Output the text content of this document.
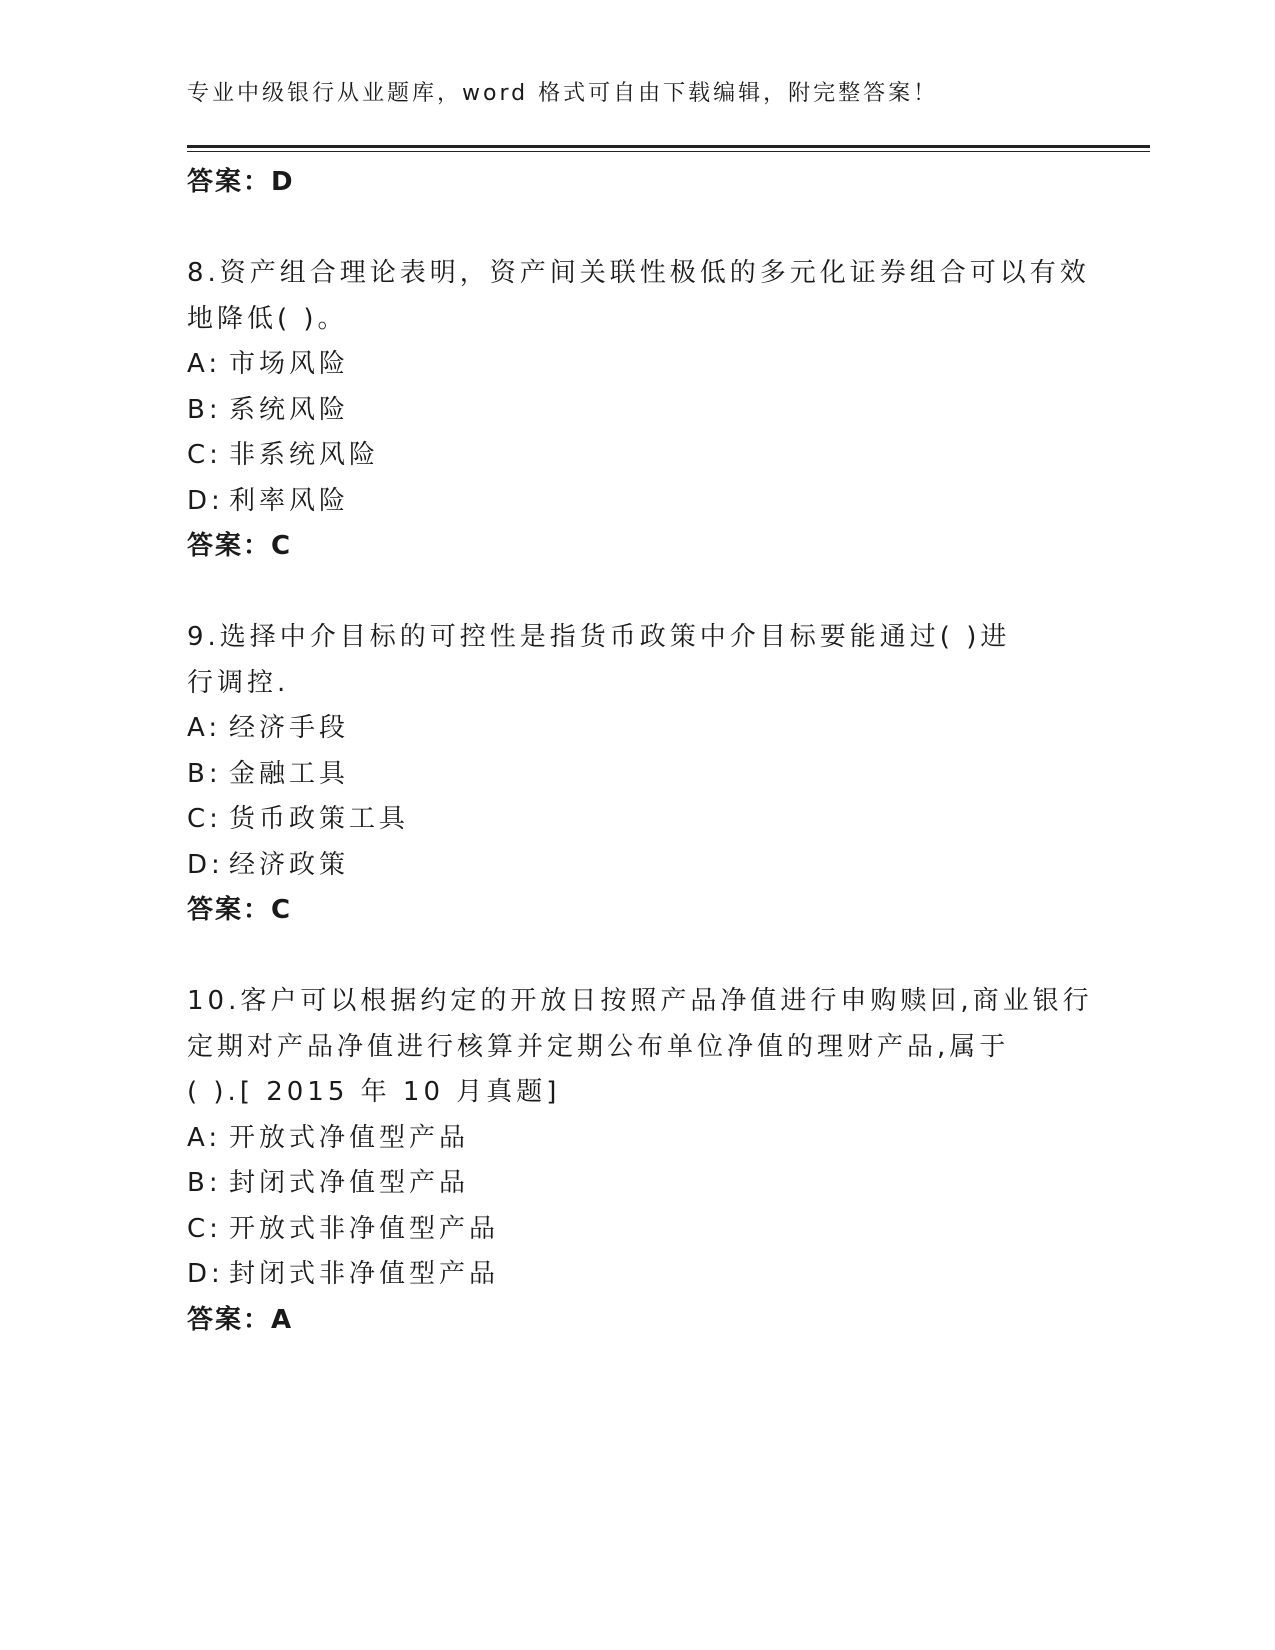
专业中级银行从业题库，word 格式可自由下载编辑，附完整答案！
答案：D
8.资产组合理论表明，资产间关联性极低的多元化证券组合可以有效
地降低( )。
A: 市场风险
B: 系统风险
C: 非系统风险
D: 利率风险
答案：C
9.选择中介目标的可控性是指货币政策中介目标要能通过( )进
行调控.
A: 经济手段
B: 金融工具
C: 货币政策工具
D: 经济政策
答案：C
10.客户可以根据约定的开放日按照产品净值进行申购赎回,商业银行
定期对产品净值进行核算并定期公布单位净值的理财产品,属于
( ).[ 2015 年 10 月真题]
A: 开放式净值型产品
B: 封闭式净值型产品
C: 开放式非净值型产品
D: 封闭式非净值型产品
答案：A
